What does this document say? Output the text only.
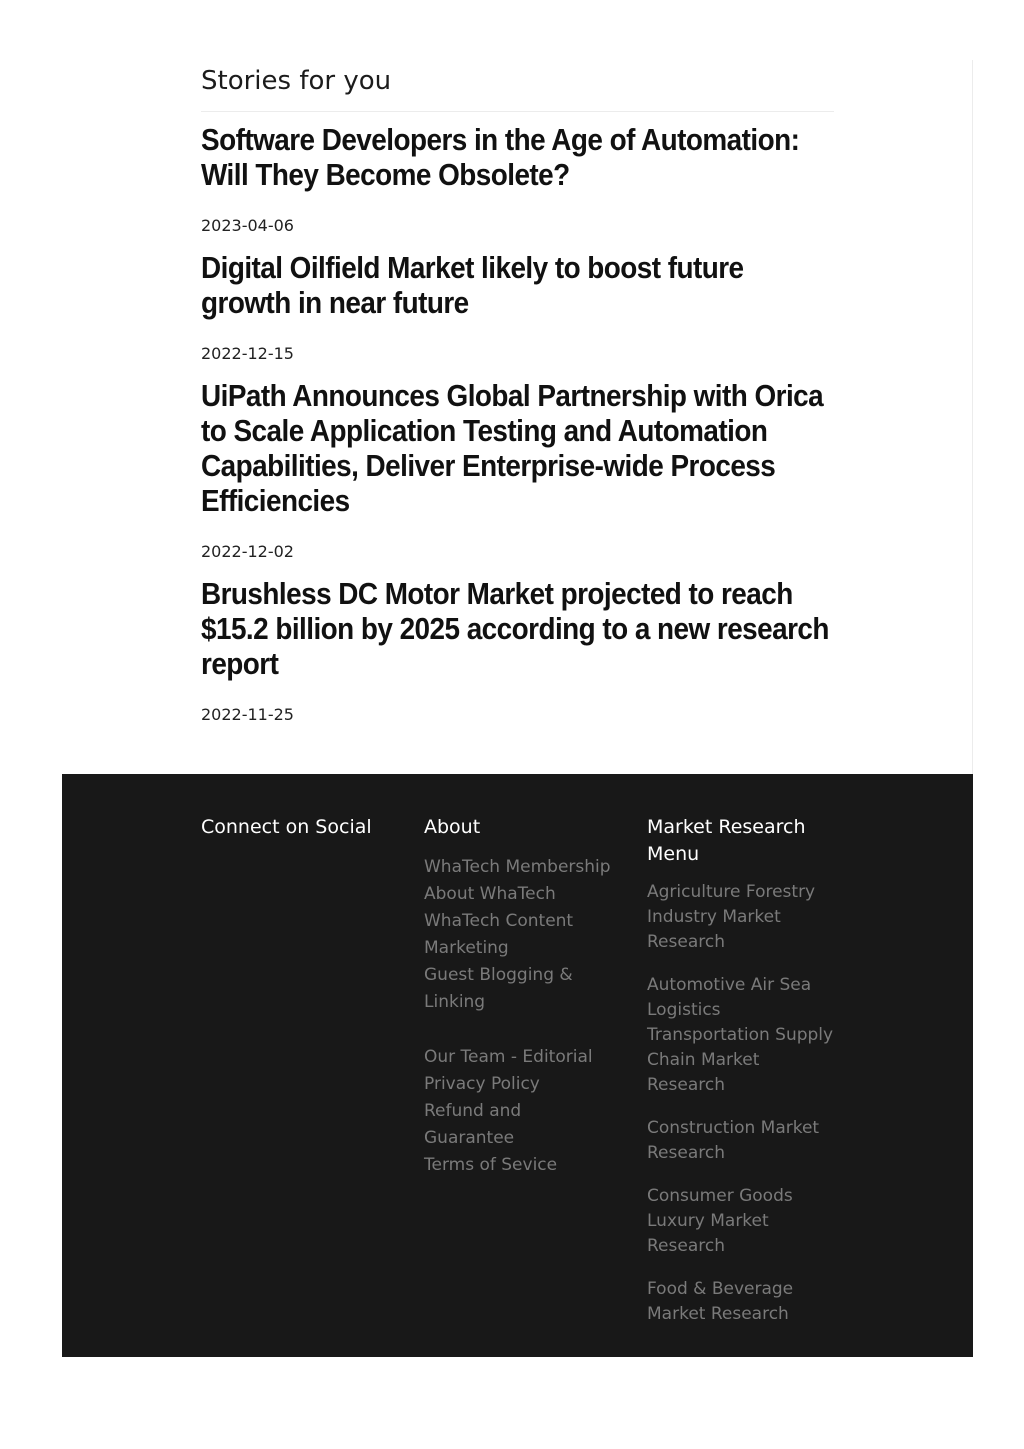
Stories for you
Software Developers in the Age of Automation: Will They Become Obsolete?
2023-04-06
Digital Oilfield Market likely to boost future growth in near future
2022-12-15
UiPath Announces Global Partnership with Orica to Scale Application Testing and Automation Capabilities, Deliver Enterprise-wide Process Efficiencies
2022-12-02
Brushless DC Motor Market projected to reach $15.2 billion by 2025 according to a new research report
2022-11-25
Connect on Social	About
WhaTech Membership
About WhaTech
WhaTech Content Marketing
Guest Blogging & Linking
Our Team - Editorial
Privacy Policy
Refund and Guarantee
Terms of Sevice
Market Research Menu
Agriculture Forestry Industry Market Research
Automotive Air Sea Logistics Transportation Supply Chain Market Research
Construction Market Research
Consumer Goods Luxury Market Research
Food & Beverage Market Research
